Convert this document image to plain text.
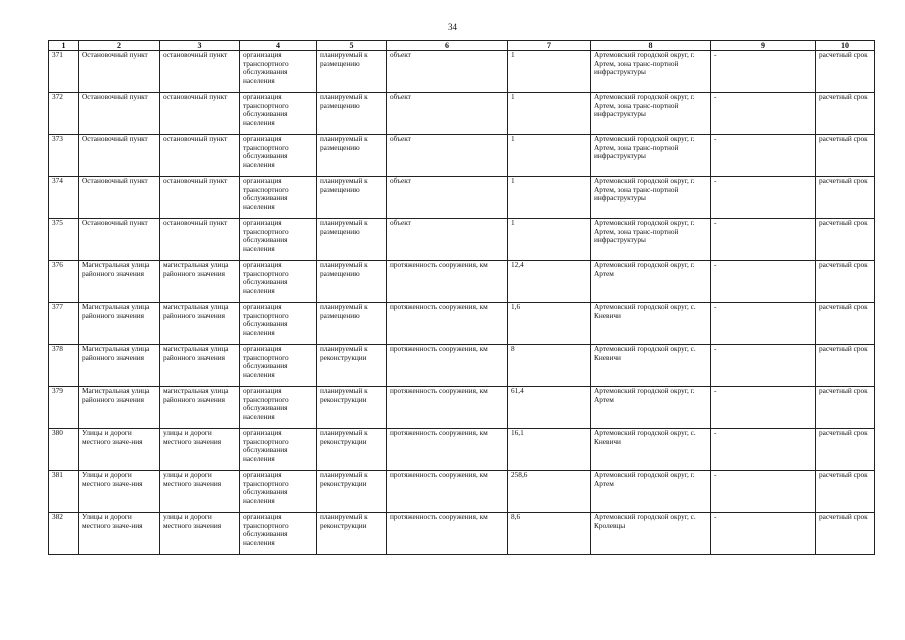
34
1	2	3	4	5	6	7	8	9	10
371	Остановочный пункт	остановочный пункт	организация транспортного обслуживания населения	планируемый к размещению	объект	1	Артемовский городской округ, г. Артем, зона транс-портной инфраструктуры	-	расчетный срок
372	Остановочный пункт	остановочный пункт	организация транспортного обслуживания населения	планируемый к размещению	объект	1	Артемовский городской округ, г. Артем, зона транс-портной инфраструктуры	-	расчетный срок
373	Остановочный пункт	остановочный пункт	организация транспортного обслуживания населения	планируемый к размещению	объект	1	Артемовский городской округ, г. Артем, зона транс-портной инфраструктуры	-	расчетный срок
374	Остановочный пункт	остановочный пункт	организация транспортного обслуживания населения	планируемый к размещению	объект	1	Артемовский городской округ, г. Артем, зона транс-портной инфраструктуры	-	расчетный срок
375	Остановочный пункт	остановочный пункт	организация транспортного обслуживания населения	планируемый к размещению	объект	1	Артемовский городской округ, г. Артем, зона транс-портной инфраструктуры	-	расчетный срок
376	Магистральная улица районного значения	магистральная улица районного значения	организация транспортного обслуживания населения	планируемый к размещению	протяженность сооружения, км	12,4	Артемовский городской округ, г. Артем	-	расчетный срок
377	Магистральная улица районного значения	магистральная улица районного значения	организация транспортного обслуживания населения	планируемый к размещению	протяженность сооружения, км	1,6	Артемовский городской округ, с. Кневичи	-	расчетный срок
378	Магистральная улица районного значения	магистральная улица районного значения	организация транспортного обслуживания населения	планируемый к реконструкции	протяженность сооружения, км	8	Артемовский городской округ, с. Кневичи	-	расчетный срок
379	Магистральная улица районного значения	магистральная улица районного значения	организация транспортного обслуживания населения	планируемый к реконструкции	протяженность сооружения, км	61,4	Артемовский городской округ, г. Артем	-	расчетный срок
380	Улицы и дороги местного значе-ния	улицы и дороги местного значения	организация транспортного обслуживания населения	планируемый к реконструкции	протяженность сооружения, км	16,1	Артемовский городской округ, с. Кневичи	-	расчетный срок
381	Улицы и дороги местного значе-ния	улицы и дороги местного значения	организация транспортного обслуживания населения	планируемый к реконструкции	протяженность сооружения, км	258,6	Артемовский городской округ, г. Артем	-	расчетный срок
382	Улицы и дороги местного значе-ния	улицы и дороги местного значения	организация транспортного обслуживания населения	планируемый к реконструкции	протяженность сооружения, км	8,6	Артемовский городской округ, с. Кролевцы	-	расчетный срок
